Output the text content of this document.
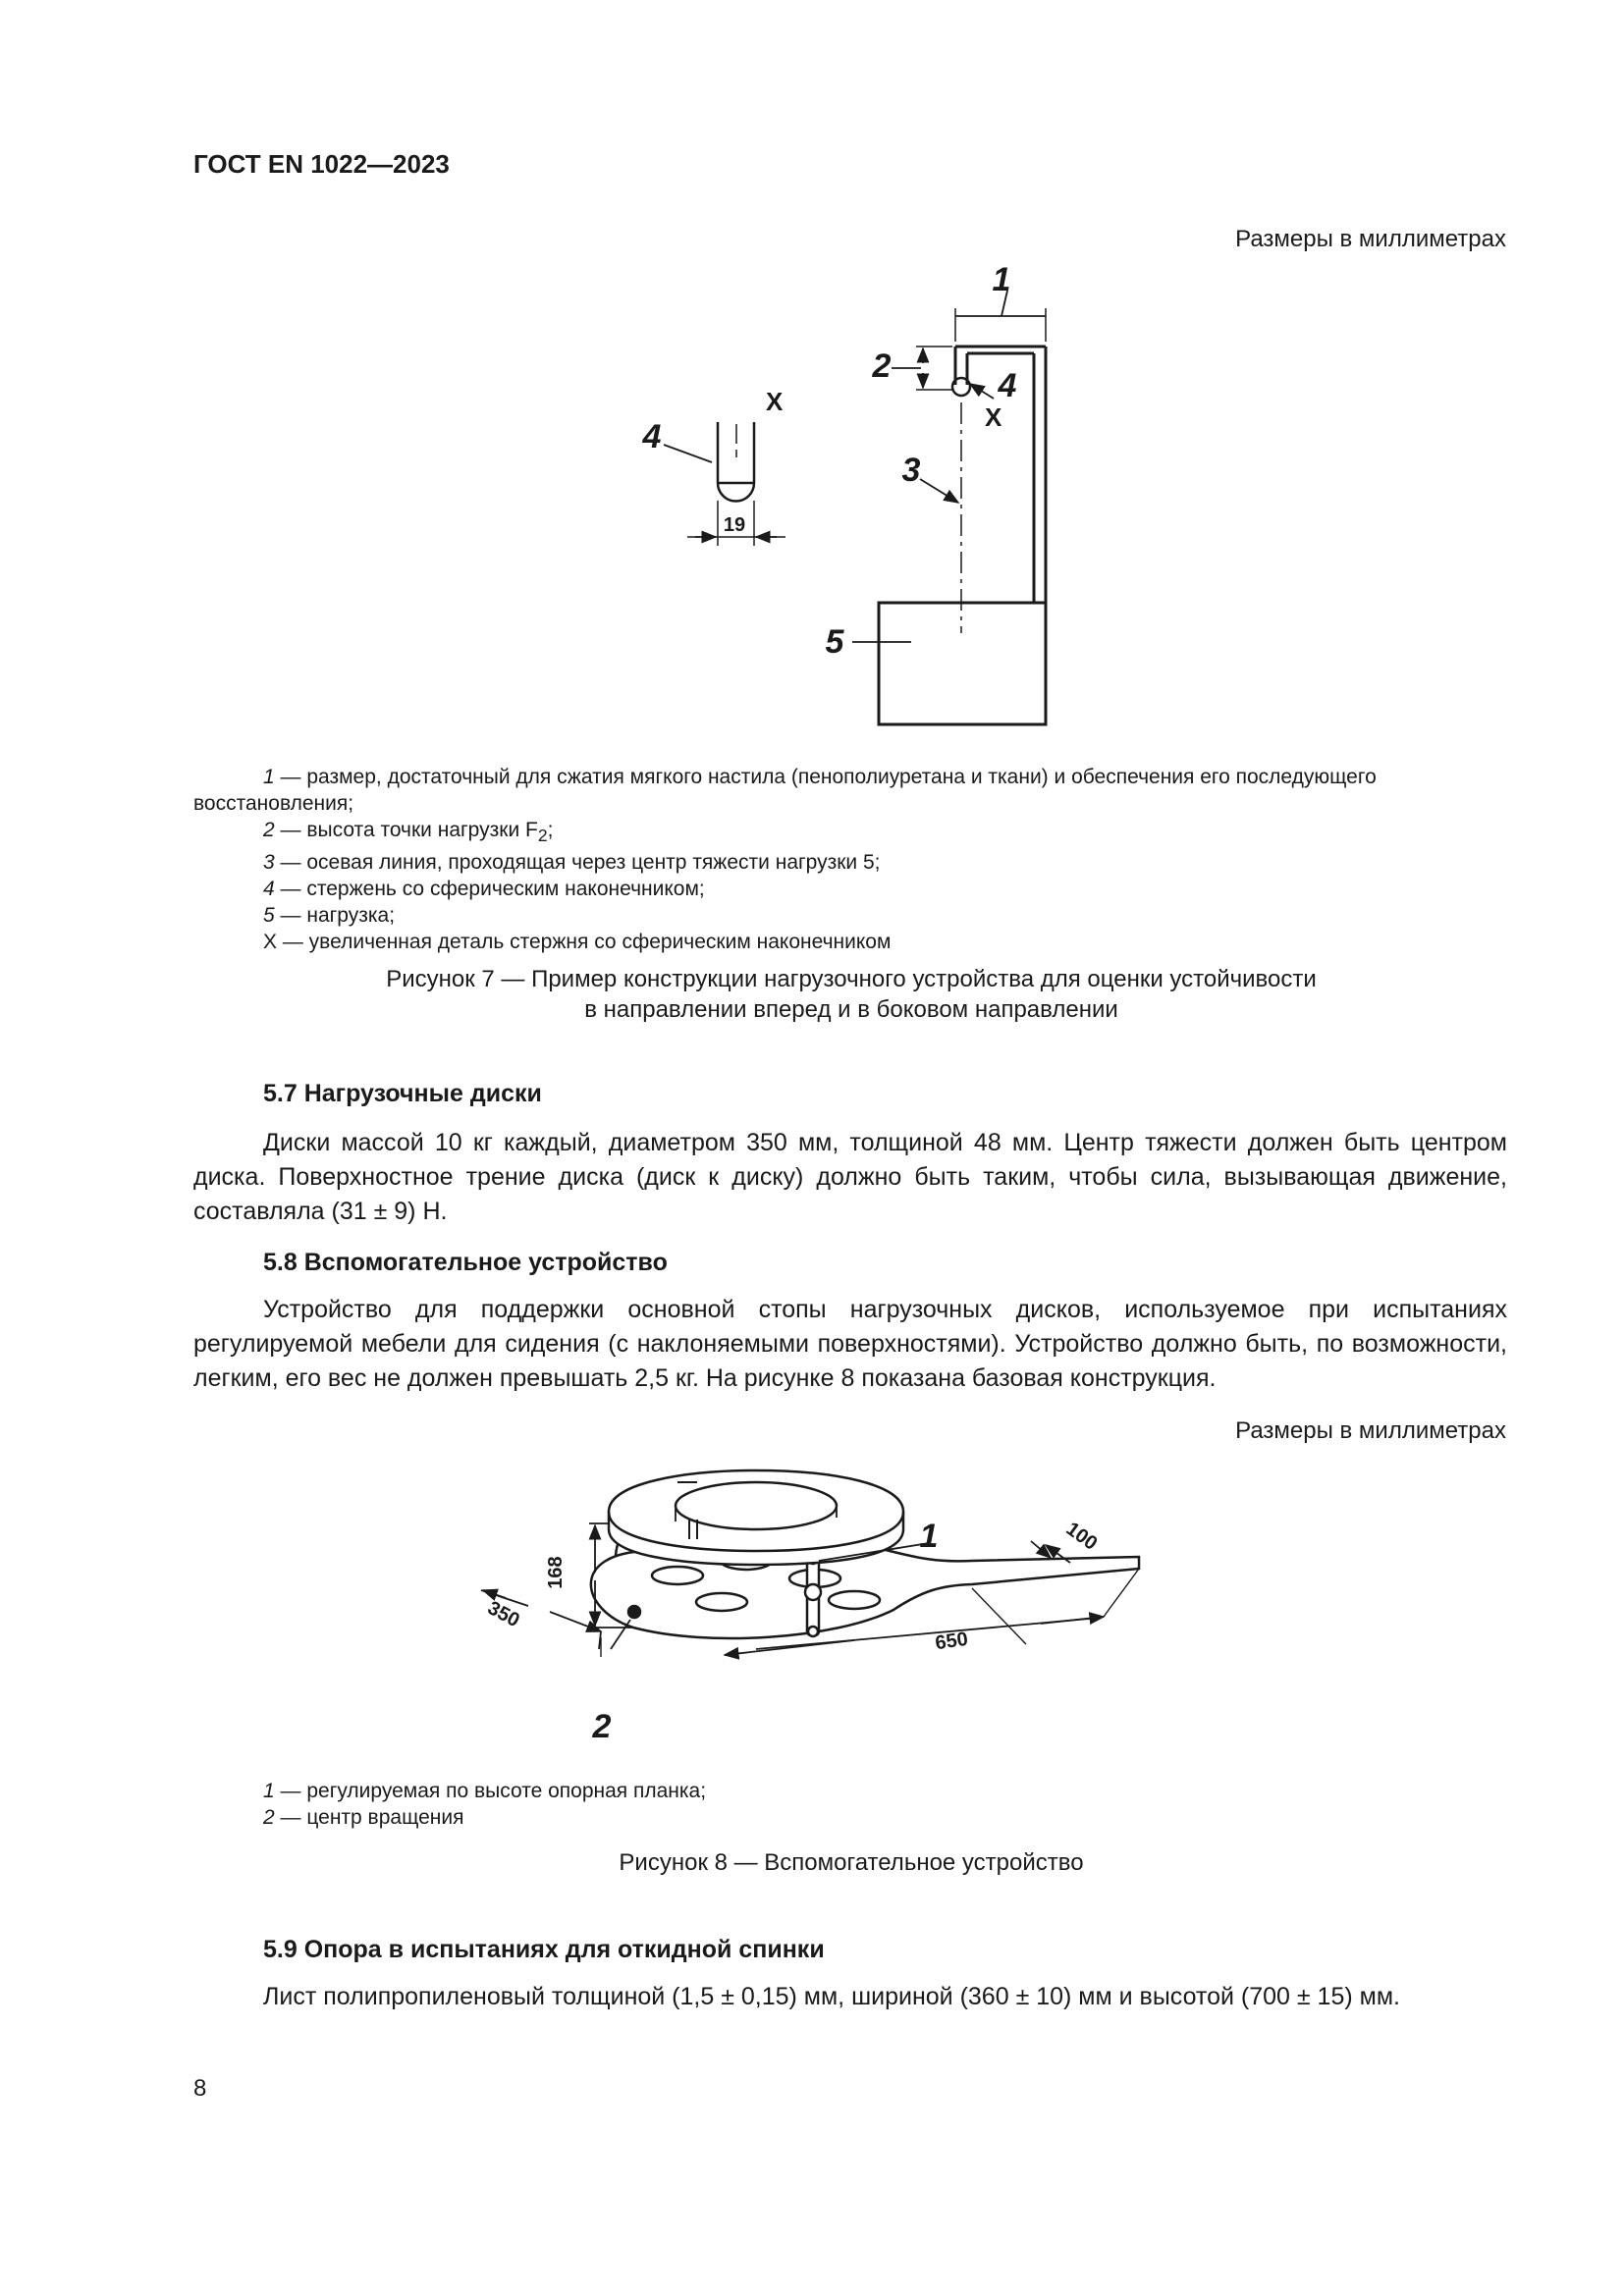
ГОСТ EN 1022—2023
Размеры в миллиметрах
19
4
X
1
2
4
X
3
5
1 — размер, достаточный для сжатия мягкого настила (пенополиуретана и ткани) и обеспечения его последующего
восстановления;
2 — высота точки нагрузки $F_2$;
3 — осевая линия, проходящая через центр тяжести нагрузки 5;
4 — стержень со сферическим наконечником;
5 — нагрузка;
X — увеличенная деталь стержня со сферическим наконечником
Рисунок 7 — Пример конструкции нагрузочного устройства для оценки устойчивости
в направлении вперед и в боковом направлении
5.7 Нагрузочные диски

Диски массой 10 кг каждый, диаметром 350 мм, толщиной 48 мм. Центр тяжести должен быть центром диска. Поверхностное трение диска (диск к диску) должно быть таким, чтобы сила, вызывающая движение, составляла (31 ± 9) Н.

5.8 Вспомогательное устройство

Устройство для поддержки основной стопы нагрузочных дисков, используемое при испытаниях регулируемой мебели для сидения (с наклоняемыми поверхностями). Устройство должно быть, по возможности, легким, его вес не должен превышать 2,5 кг. На рисунке 8 показана базовая конструкция.

Размеры в миллиметрах
168
350
650
100
1
2
1 — регулируемая по высоте опорная планка;
2 — центр вращения
Рисунок 8 — Вспомогательное устройство
5.9 Опора в испытаниях для откидной спинки

Лист полипропиленовый толщиной (1,5 ± 0,15) мм, шириной (360 ± 10) мм и высотой (700 ± 15) мм.

8
